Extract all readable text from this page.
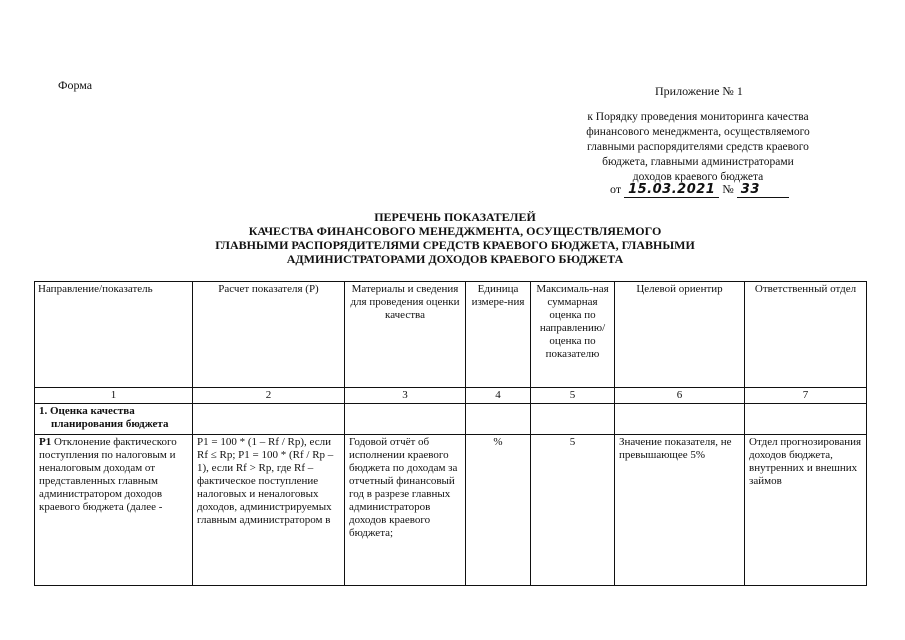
Форма	Приложение № 1
к Порядку проведения мониторинга качества
финансового менеджмента, осуществляемого
главными распорядителями средств краевого
бюджета, главными администраторами
доходов краевого бюджета
от 15.03.2021 № 33
ПЕРЕЧЕНЬ ПОКАЗАТЕЛЕЙ
КАЧЕСТВА ФИНАНСОВОГО МЕНЕДЖМЕНТА, ОСУЩЕСТВЛЯЕМОГО
ГЛАВНЫМИ РАСПОРЯДИТЕЛЯМИ СРЕДСТВ КРАЕВОГО БЮДЖЕТА, ГЛАВНЫМИ
АДМИНИСТРАТОРАМИ ДОХОДОВ КРАЕВОГО БЮДЖЕТА
Направление/показатель	Расчет показателя (Р)	Материалы и сведения для проведения оценки качества	Единица измере-ния	Максималь-ная суммарная оценка по направлению/ оценка по показателю	Целевой ориентир	Ответственный отдел
1	2	3	4	5	6	7

1. Оценка качества
планирования бюджета						

Р1 Отклонение фактического поступления по налоговым и неналоговым доходам от представленных главным администратором доходов краевого бюджета (далее -	Р1 = 100 * (1 – Rf / Rp), если Rf ≤ Rp; Р1 = 100 * (Rf / Rp – 1), если Rf > Rp, где Rf – фактическое поступление налоговых и неналоговых доходов, администрируемых главным администратором в	Годовой отчёт об исполнении краевого бюджета по доходам за отчетный финансовый год в разрезе главных администраторов доходов краевого бюджета;	%	5	Значение показателя, не превышающее 5%	Отдел прогнозирования доходов бюджета, внутренних и внешних займов
